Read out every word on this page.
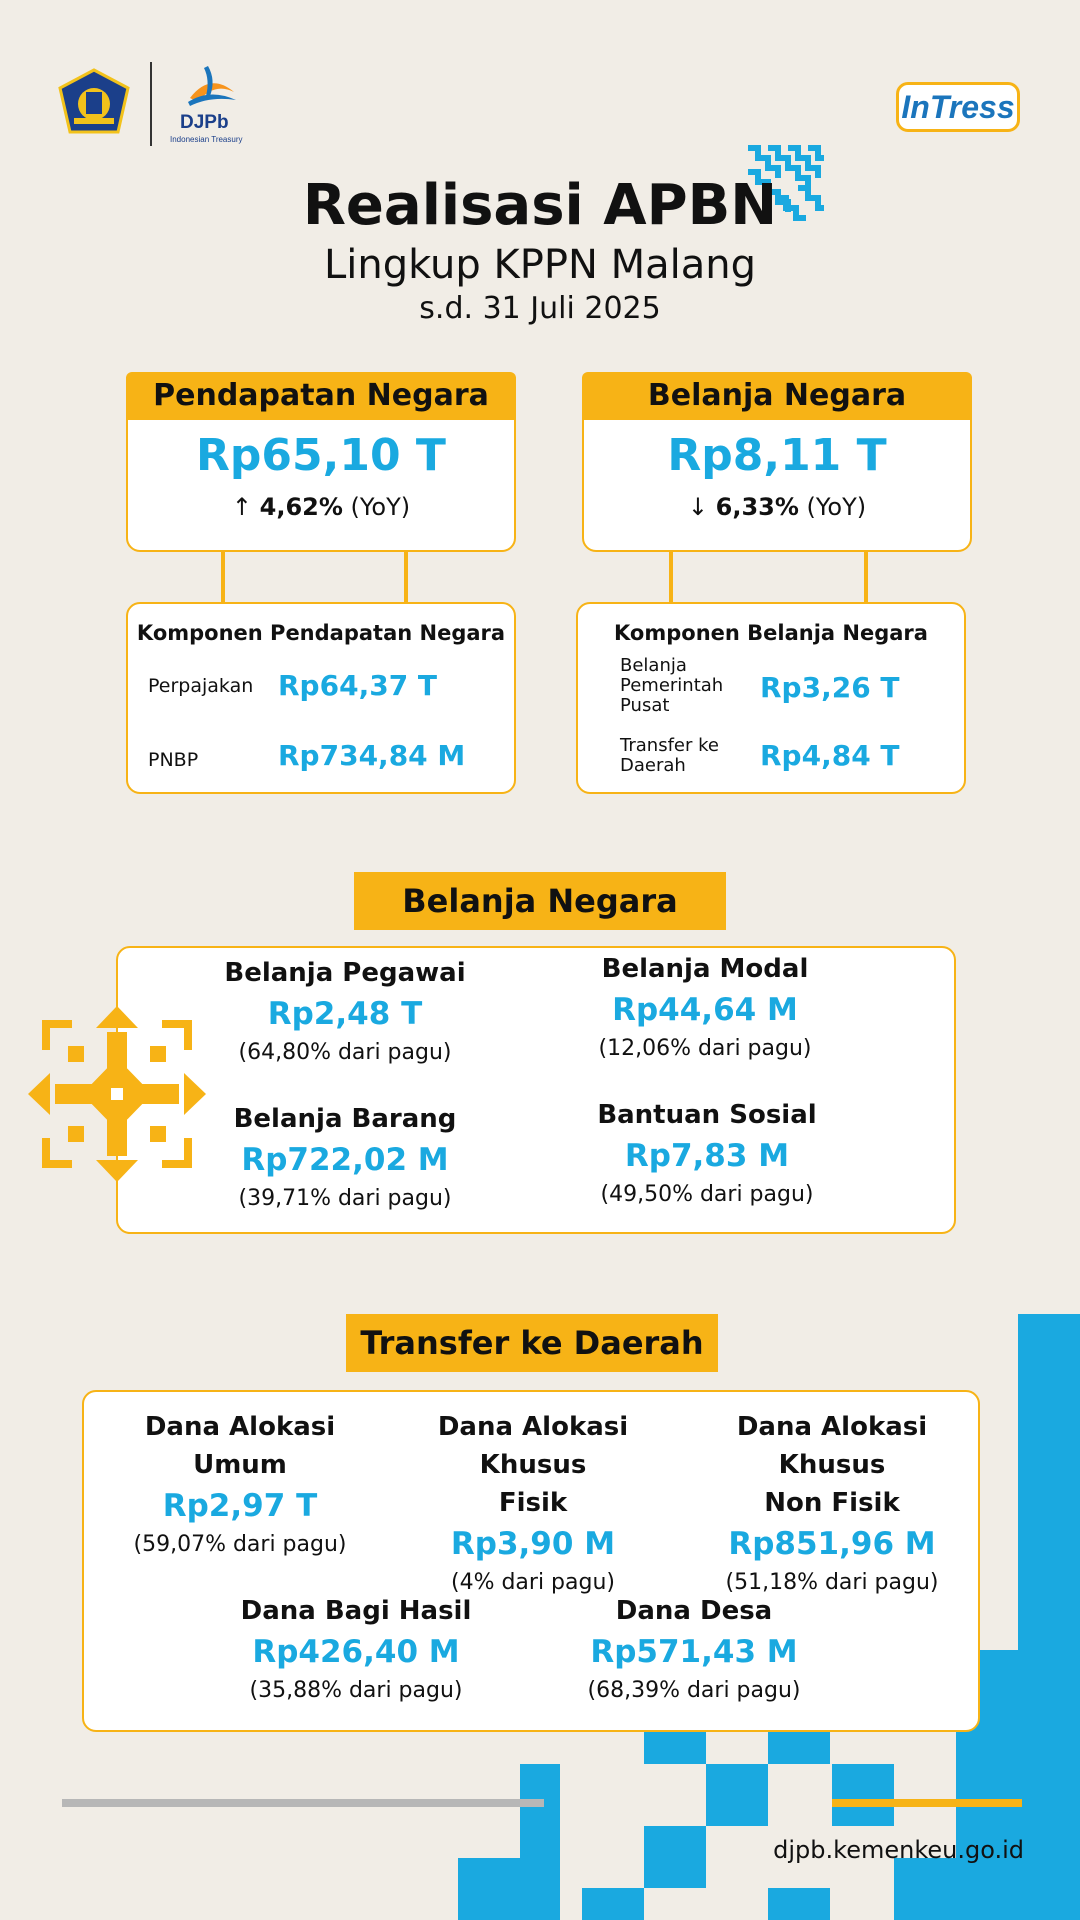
DJPb
Indonesian Treasury
InTress
Realisasi APBN
Lingkup KPPN Malang
s.d. 31 Juli 2025
Pendapatan Negara
Rp65,10 T
↑ 4,62% (YoY)
Belanja Negara
Rp8,11 T
↓ 6,33% (YoY)
Komponen Pendapatan Negara
Perpajakan Rp64,37 T
PNBP	Rp734,84 M
Komponen Belanja Negara
Belanja
Pemerintah
Pusat
Rp3,26 T
Transfer ke
Daerah	Rp4,84 T
Belanja Negara
Belanja Pegawai
Rp2,48 T
(64,80% dari pagu)
Belanja Modal
Rp44,64 M
(12,06% dari pagu)
Belanja Barang
Rp722,02 M
(39,71% dari pagu)
Bantuan Sosial
Rp7,83 M
(49,50% dari pagu)
Transfer ke Daerah
Dana Alokasi
Umum
Rp2,97 T
(59,07% dari pagu)
Dana Alokasi Khusus
Fisik
Rp3,90 M
(4% dari pagu)
Dana Alokasi Khusus
Non Fisik
Rp851,96 M
(51,18% dari pagu)
Dana Bagi Hasil
Rp426,40 M
(35,88% dari pagu)
Dana Desa
Rp571,43 M
(68,39% dari pagu)
djpb.kemenkeu.go.id
